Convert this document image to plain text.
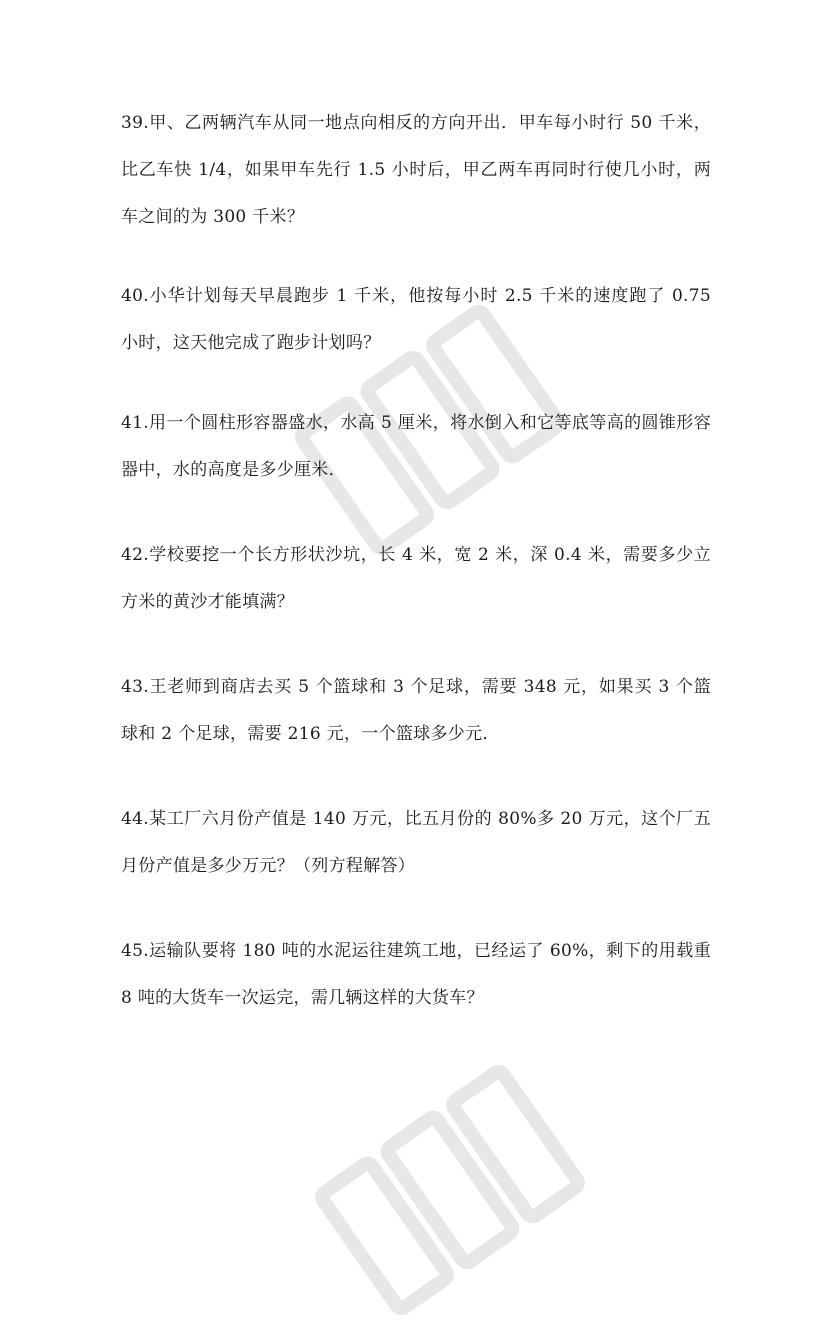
39.甲、乙两辆汽车从同一地点向相反的方向开出．甲车每小时行 50 千米，比乙车快 1/4，如果甲车先行 1.5 小时后，甲乙两车再同时行使几小时，两车之间的为 300 千米？

40.小华计划每天早晨跑步 1 千米，他按每小时 2.5 千米的速度跑了 0.75 小时，这天他完成了跑步计划吗？

41.用一个圆柱形容器盛水，水高 5 厘米，将水倒入和它等底等高的圆锥形容器中，水的高度是多少厘米．

42.学校要挖一个长方形状沙坑，长 4 米，宽 2 米，深 0.4 米，需要多少立方米的黄沙才能填满？

43.王老师到商店去买 5 个篮球和 3 个足球，需要 348 元，如果买 3 个篮球和 2 个足球，需要 216 元，一个篮球多少元．

44.某工厂六月份产值是 140 万元，比五月份的 80%多 20 万元，这个厂五月份产值是多少万元？（列方程解答）

45.运输队要将 180 吨的水泥运往建筑工地，已经运了 60%，剩下的用载重 8 吨的大货车一次运完，需几辆这样的大货车？
